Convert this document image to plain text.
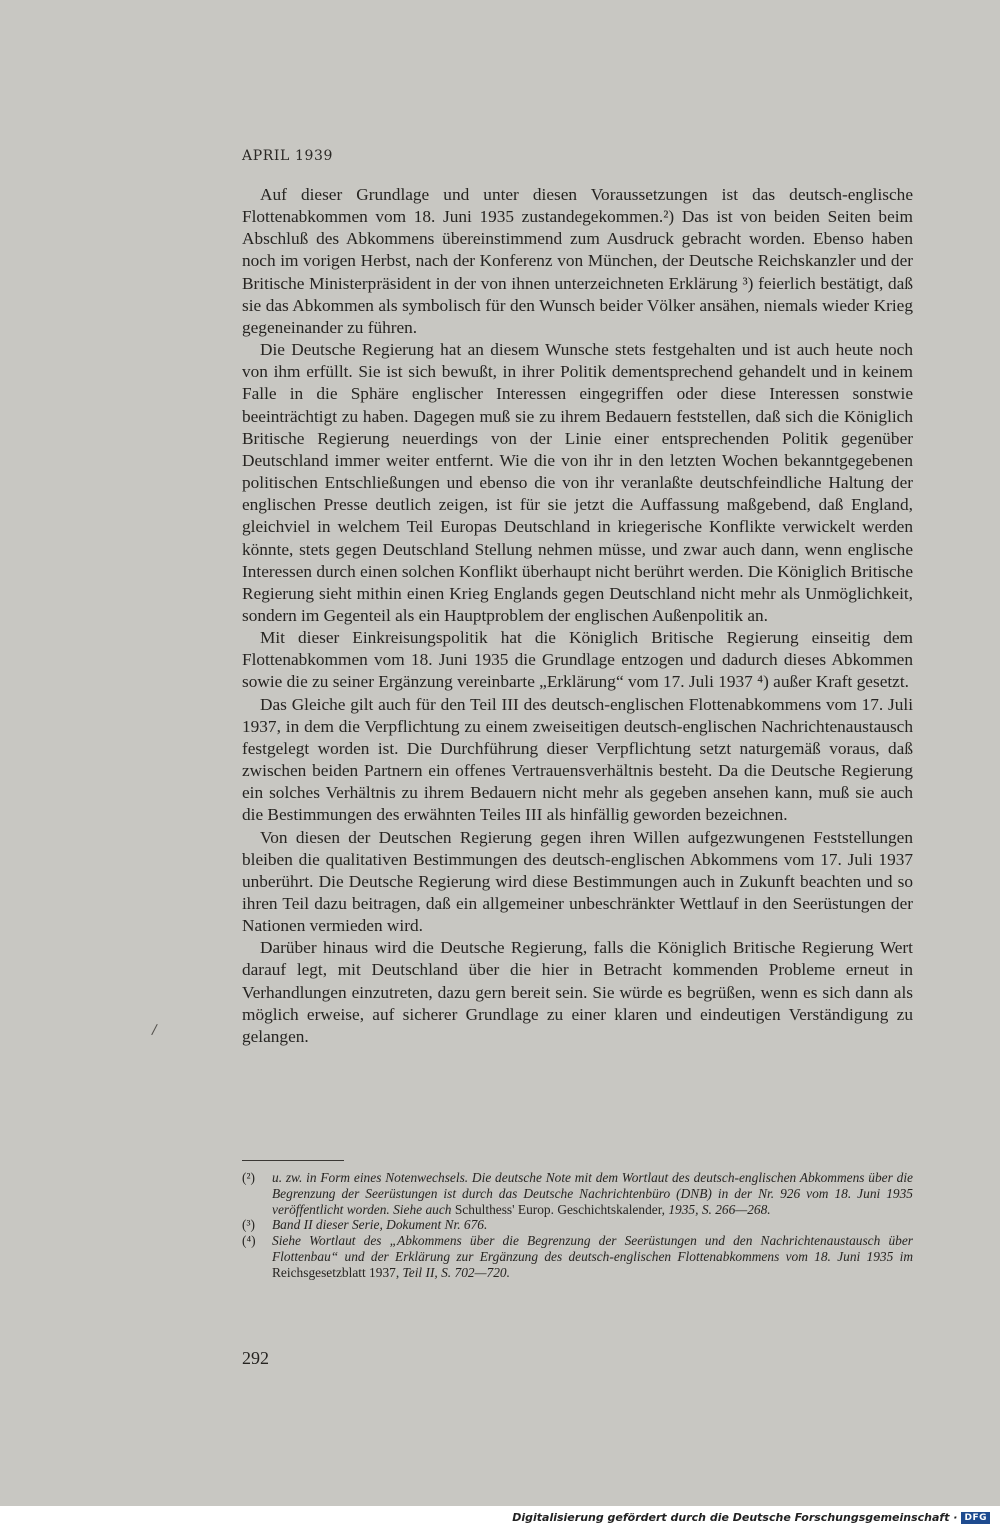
APRIL 1939

Auf dieser Grundlage und unter diesen Voraussetzungen ist das deutsch-englische Flottenabkommen vom 18. Juni 1935 zustandegekommen.²) Das ist von beiden Seiten beim Abschluß des Abkommens übereinstimmend zum Ausdruck gebracht worden. Ebenso haben noch im vorigen Herbst, nach der Konferenz von München, der Deutsche Reichskanzler und der Britische Ministerpräsident in der von ihnen unterzeichneten Erklärung ³) feierlich bestätigt, daß sie das Abkommen als symbolisch für den Wunsch beider Völker ansähen, niemals wieder Krieg gegeneinander zu führen.

Die Deutsche Regierung hat an diesem Wunsche stets festgehalten und ist auch heute noch von ihm erfüllt. Sie ist sich bewußt, in ihrer Politik dementsprechend gehandelt und in keinem Falle in die Sphäre englischer Interessen eingegriffen oder diese Interessen sonstwie beeinträchtigt zu haben. Dagegen muß sie zu ihrem Bedauern feststellen, daß sich die Königlich Britische Regierung neuerdings von der Linie einer entsprechenden Politik gegenüber Deutschland immer weiter entfernt. Wie die von ihr in den letzten Wochen bekanntgegebenen politischen Entschließungen und ebenso die von ihr veranlaßte deutschfeindliche Haltung der englischen Presse deutlich zeigen, ist für sie jetzt die Auffassung maßgebend, daß England, gleichviel in welchem Teil Europas Deutschland in kriegerische Konflikte verwickelt werden könnte, stets gegen Deutschland Stellung nehmen müsse, und zwar auch dann, wenn englische Interessen durch einen solchen Konflikt überhaupt nicht berührt werden. Die Königlich Britische Regierung sieht mithin einen Krieg Englands gegen Deutschland nicht mehr als Unmöglichkeit, sondern im Gegenteil als ein Hauptproblem der englischen Außenpolitik an.

Mit dieser Einkreisungspolitik hat die Königlich Britische Regierung einseitig dem Flottenabkommen vom 18. Juni 1935 die Grundlage entzogen und dadurch dieses Abkommen sowie die zu seiner Ergänzung vereinbarte „Erklärung“ vom 17. Juli 1937 ⁴) außer Kraft gesetzt.

Das Gleiche gilt auch für den Teil III des deutsch-englischen Flottenabkommens vom 17. Juli 1937, in dem die Verpflichtung zu einem zweiseitigen deutsch-englischen Nachrichtenaustausch festgelegt worden ist. Die Durchführung dieser Verpflichtung setzt naturgemäß voraus, daß zwischen beiden Partnern ein offenes Vertrauensverhältnis besteht. Da die Deutsche Regierung ein solches Verhältnis zu ihrem Bedauern nicht mehr als gegeben ansehen kann, muß sie auch die Bestimmungen des erwähnten Teiles III als hinfällig geworden bezeichnen.

Von diesen der Deutschen Regierung gegen ihren Willen aufgezwungenen Feststellungen bleiben die qualitativen Bestimmungen des deutsch-englischen Abkommens vom 17. Juli 1937 unberührt. Die Deutsche Regierung wird diese Bestimmungen auch in Zukunft beachten und so ihren Teil dazu beitragen, daß ein allgemeiner unbeschränkter Wettlauf in den Seerüstungen der Nationen vermieden wird.

Darüber hinaus wird die Deutsche Regierung, falls die Königlich Britische Regierung Wert darauf legt, mit Deutschland über die hier in Betracht kommenden Probleme erneut in Verhandlungen einzutreten, dazu gern bereit sein. Sie würde es begrüßen, wenn es sich dann als möglich erweise, auf sicherer Grundlage zu einer klaren und eindeutigen Verständigung zu gelangen.

/
(²)	u. zw. in Form eines Notenwechsels. Die deutsche Note mit dem Wortlaut des deutsch-englischen Abkommens über die Begrenzung der Seerüstungen ist durch das Deutsche Nachrichtenbüro (DNB) in der Nr. 926 vom 18. Juni 1935 veröffentlicht worden. Siehe auch Schulthess' Europ. Geschichtskalender, 1935, S. 266—268.
(³)	Band II dieser Serie, Dokument Nr. 676.
(⁴)	Siehe Wortlaut des „Abkommens über die Begrenzung der Seerüstungen und den Nachrichtenaustausch über Flottenbau“ und der Erklärung zur Ergänzung des deutsch-englischen Flottenabkommens vom 18. Juni 1935 im Reichsgesetzblatt 1937, Teil II, S. 702—720.
292
Digitalisierung gefördert durch die Deutsche Forschungsgemeinschaft · DFG
